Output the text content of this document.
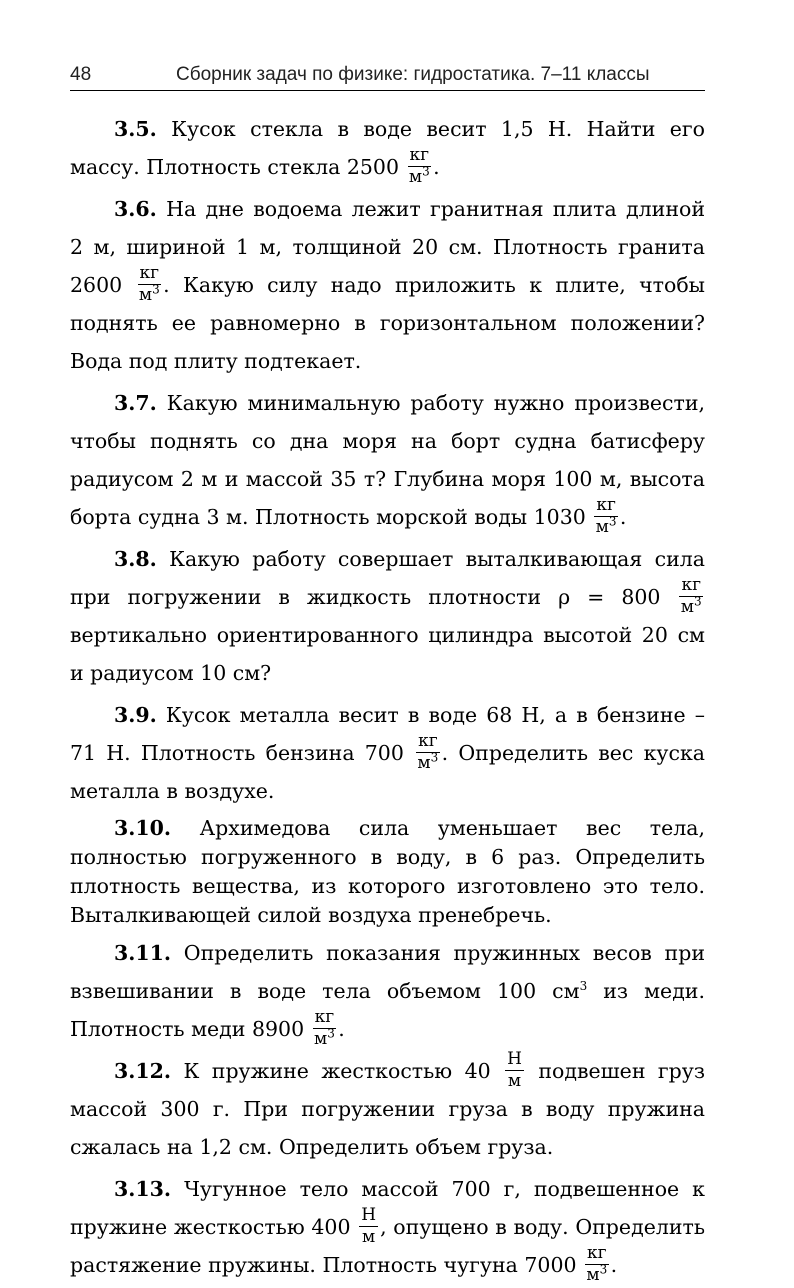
48	Сборник задач по физике: гидростатика. 7–11 классы

3.5. Кусок стекла в воде весит 1,5 Н. Найти его массу. Плотность стекла $2500 \frac{кг}{м^3}$ .

3.6. На дне водоема лежит гранитная плита длиной 2 м, шириной 1 м, толщиной 20 см. Плотность гранита $2600 \frac{кг}{м^3}$ . Какую силу надо приложить к плите, чтобы поднять ее равномерно в горизонтальном положении? Вода под плиту подтекает.

3.7. Какую минимальную работу нужно произвести, чтобы поднять со дна моря на борт судна батисферу радиусом 2 м и массой 35 т? Глубина моря 100 м, высота борта судна 3 м. Плотность морской воды $1030 \frac{кг}{м^3}$ .

3.8. Какую работу совершает выталкивающая сила при погружении в жидкость плотности $\rho = 800 \frac{кг}{м^3}$
вертикально ориентированного цилиндра высотой 20 см и радиусом 10 см?

3.9. Кусок металла весит в воде 68 Н, а в бензине – 71 Н. Плотность бензина $700 \frac{кг}{м^3}$ . Определить вес куска металла в воздухе.

3.10. Архимедова сила уменьшает вес тела, полностью погруженного в воду, в 6 раз. Определить плотность вещества, из которого изготовлено это тело. Выталкивающей силой воздуха пренебречь.

3.11. Определить показания пружинных весов при взвешивании в воде тела объемом 100 $см^3$ из меди. Плотность меди $8900 \frac{кг}{м^3}$ .

3.12. К пружине жесткостью $40 \frac{Н}{м}$ подвешен груз массой 300 г. При погружении груза в воду пружина сжалась на 1,2 см. Определить объем груза.

3.13. Чугунное тело массой 700 г, подвешенное к пружине жесткостью $400 \frac{Н}{м}$ , опущено в воду. Определить растяжение пружины. Плотность чугуна $7000 \frac{кг}{м^3}$ .
